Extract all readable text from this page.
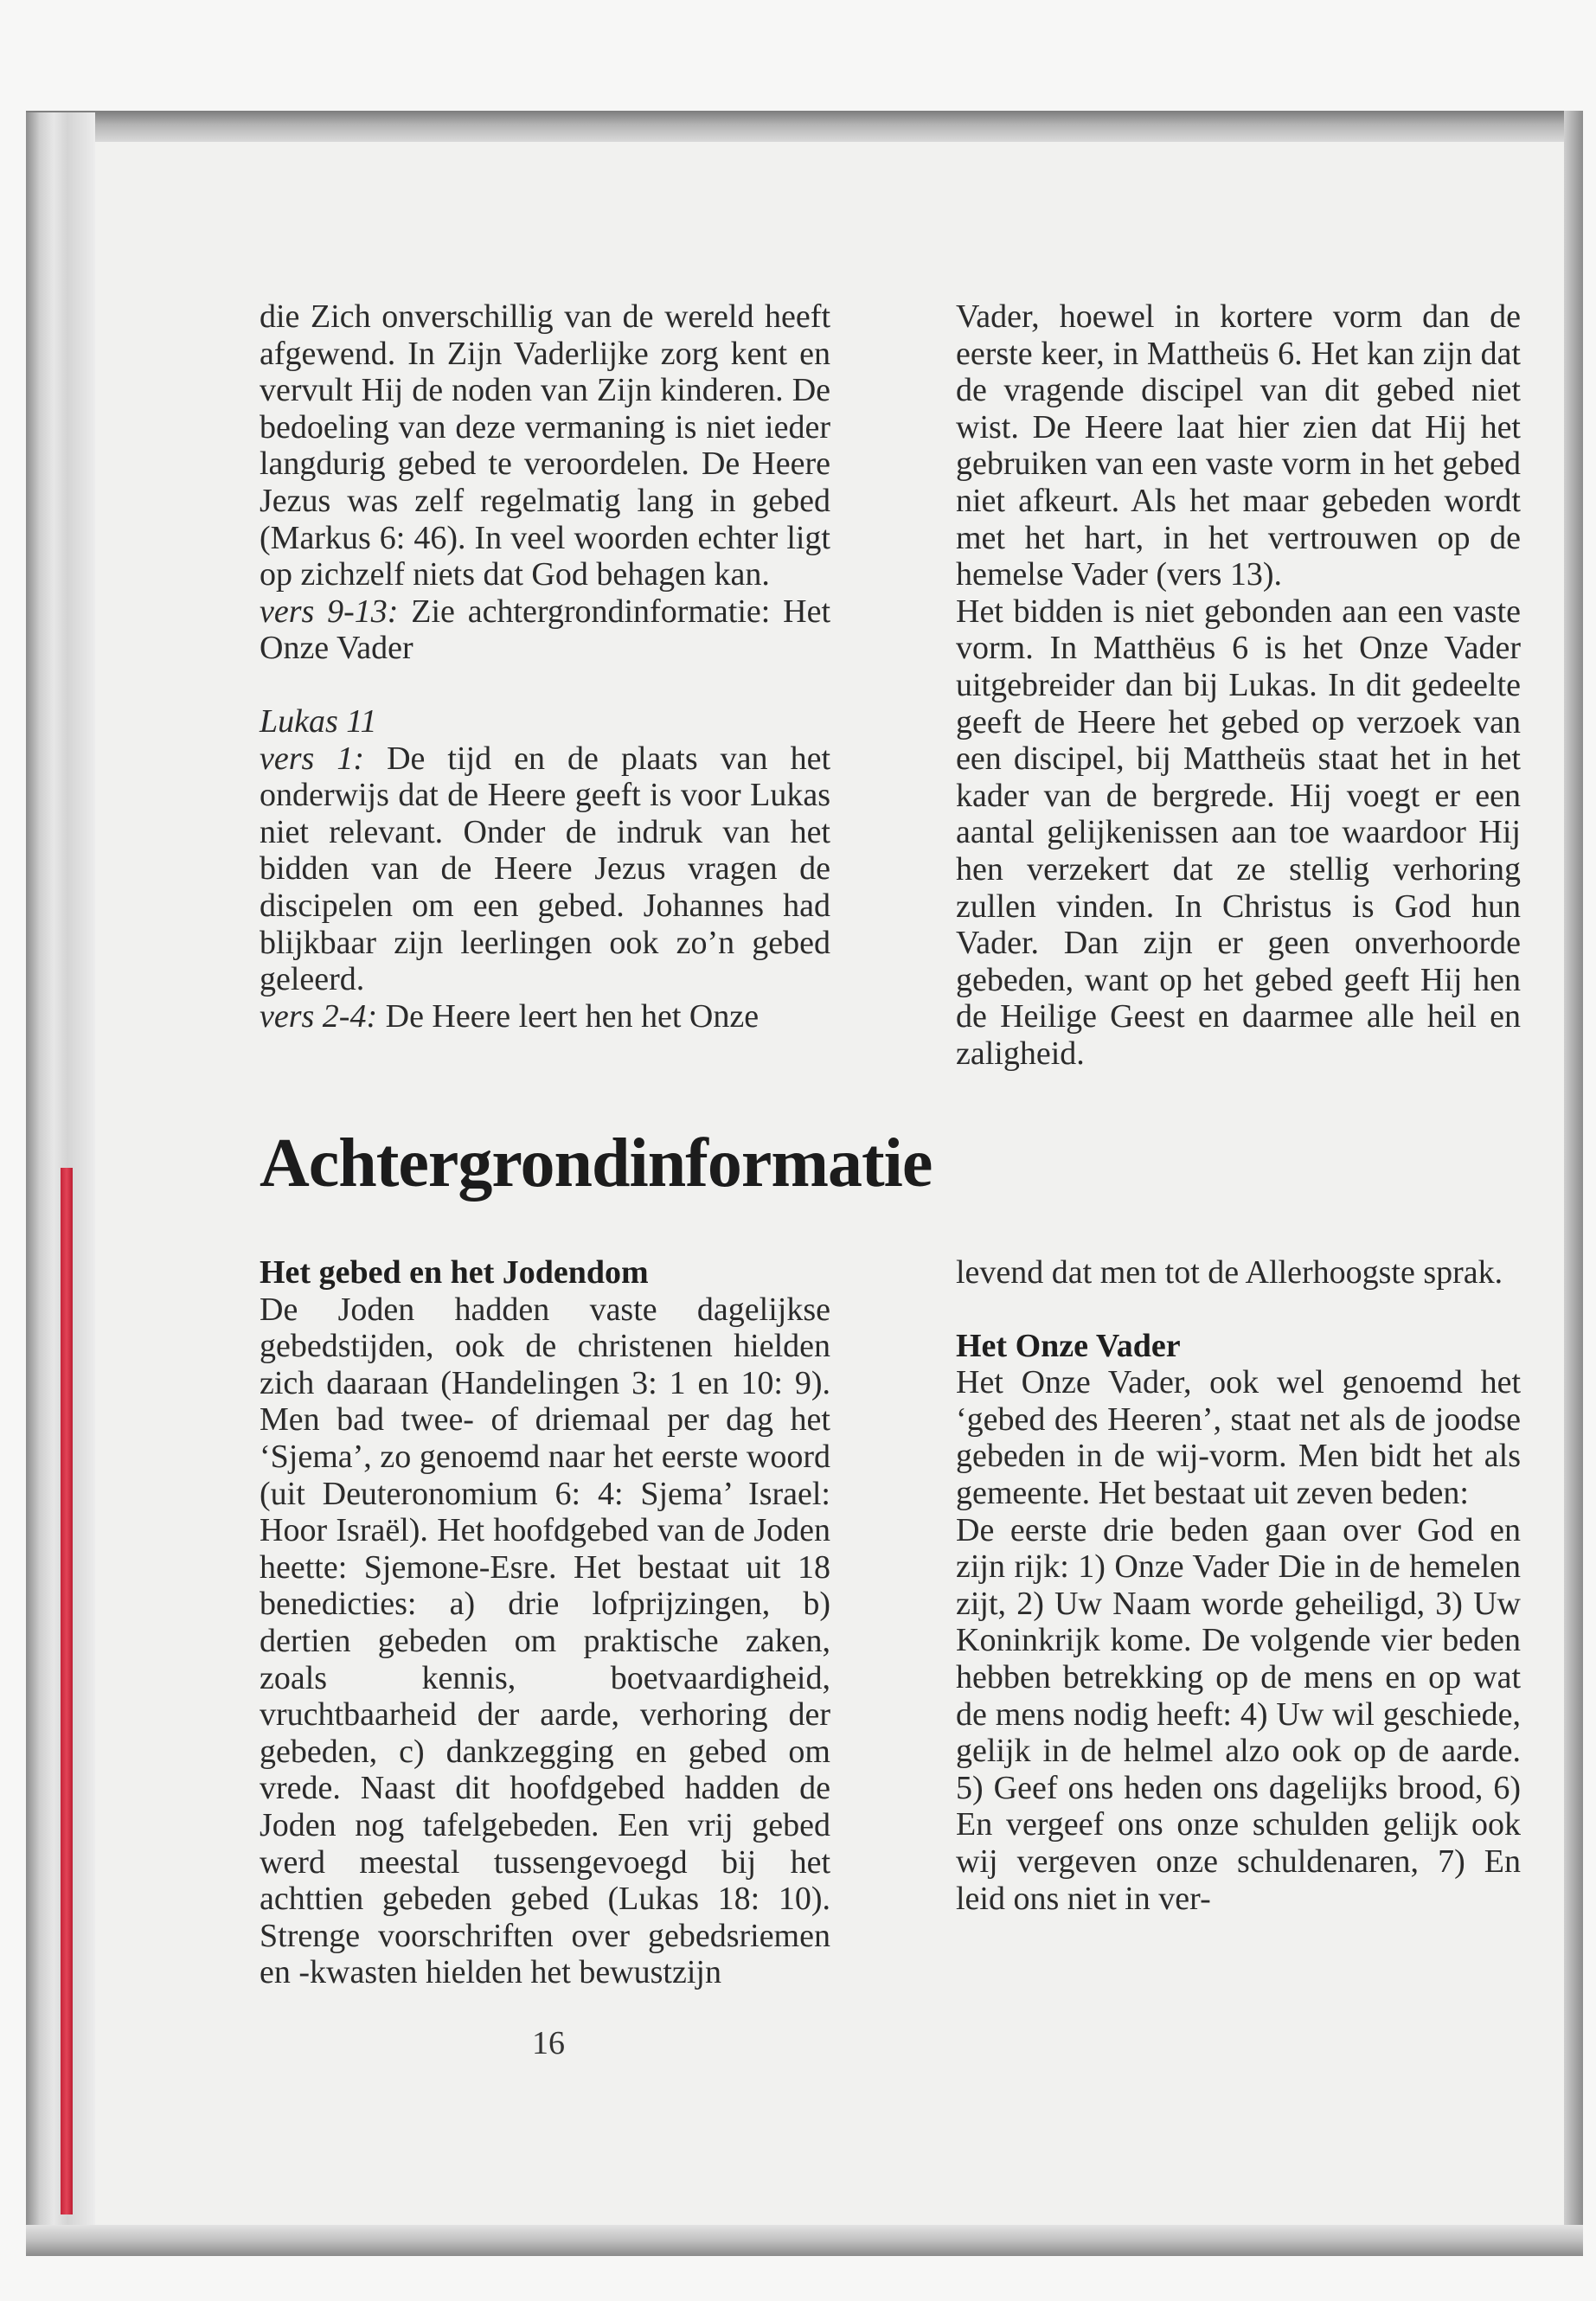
die Zich onverschillig van de wereld heeft afgewend. In Zijn Vaderlijke zorg kent en vervult Hij de noden van Zijn kinderen. De bedoeling van deze vermaning is niet ieder langdurig gebed te veroordelen. De Heere Jezus was zelf regelmatig lang in gebed (Markus 6: 46). In veel woorden echter ligt op zichzelf niets dat God behagen kan.

vers 9-13: Zie achtergrondinformatie: Het Onze Vader

Lukas 11

vers 1: De tijd en de plaats van het onderwijs dat de Heere geeft is voor Lukas niet relevant. Onder de indruk van het bidden van de Heere Jezus vragen de discipelen om een gebed. Johannes had blijkbaar zijn leerlingen ook zo’n gebed geleerd.

vers 2-4: De Heere leert hen het Onze

Vader, hoewel in kortere vorm dan de eerste keer, in Mattheüs 6. Het kan zijn dat de vragende discipel van dit gebed niet wist. De Heere laat hier zien dat Hij het gebruiken van een vaste vorm in het gebed niet afkeurt. Als het maar gebeden wordt met het hart, in het vertrouwen op de hemelse Vader (vers 13).

Het bidden is niet gebonden aan een vaste vorm. In Matthëus 6 is het Onze Vader uitgebreider dan bij Lukas. In dit gedeelte geeft de Heere het gebed op verzoek van een discipel, bij Mattheüs staat het in het kader van de bergrede. Hij voegt er een aantal gelijkenissen aan toe waardoor Hij hen verzekert dat ze stellig verhoring zullen vinden. In Christus is God hun Vader. Dan zijn er geen onverhoorde gebeden, want op het gebed geeft Hij hen de Heilige Geest en daarmee alle heil en zaligheid.

Achtergrondinformatie

Het gebed en het Jodendom

De Joden hadden vaste dagelijkse gebedstijden, ook de christenen hielden zich daaraan (Handelingen 3: 1 en 10: 9). Men bad twee- of driemaal per dag het ‘Sjema’, zo genoemd naar het eerste woord (uit Deuteronomium 6: 4: Sjema’ Israel: Hoor Israël). Het hoofdgebed van de Joden heette: Sjemone-Esre. Het bestaat uit 18 benedicties: a) drie lofprijzingen, b) dertien gebeden om praktische zaken, zoals kennis, boetvaardigheid, vruchtbaarheid der aarde, verhoring der gebeden, c) dankzegging en gebed om vrede. Naast dit hoofdgebed hadden de Joden nog tafelgebeden. Een vrij gebed werd meestal tussengevoegd bij het achttien gebeden gebed (Lukas 18: 10). Strenge voorschriften over gebedsriemen en -kwasten hielden het bewustzijn

levend dat men tot de Allerhoogste sprak.

Het Onze Vader

Het Onze Vader, ook wel genoemd het ‘gebed des Heeren’, staat net als de joodse gebeden in de wij-vorm. Men bidt het als gemeente. Het bestaat uit zeven beden:

De eerste drie beden gaan over God en zijn rijk: 1) Onze Vader Die in de hemelen zijt, 2) Uw Naam worde geheiligd, 3) Uw Koninkrijk kome. De volgende vier beden hebben betrekking op de mens en op wat de mens nodig heeft: 4) Uw wil geschiede, gelijk in de helmel alzo ook op de aarde. 5) Geef ons heden ons dagelijks brood, 6) En vergeef ons onze schulden gelijk ook wij vergeven onze schuldenaren, 7) En leid ons niet in ver-

16
